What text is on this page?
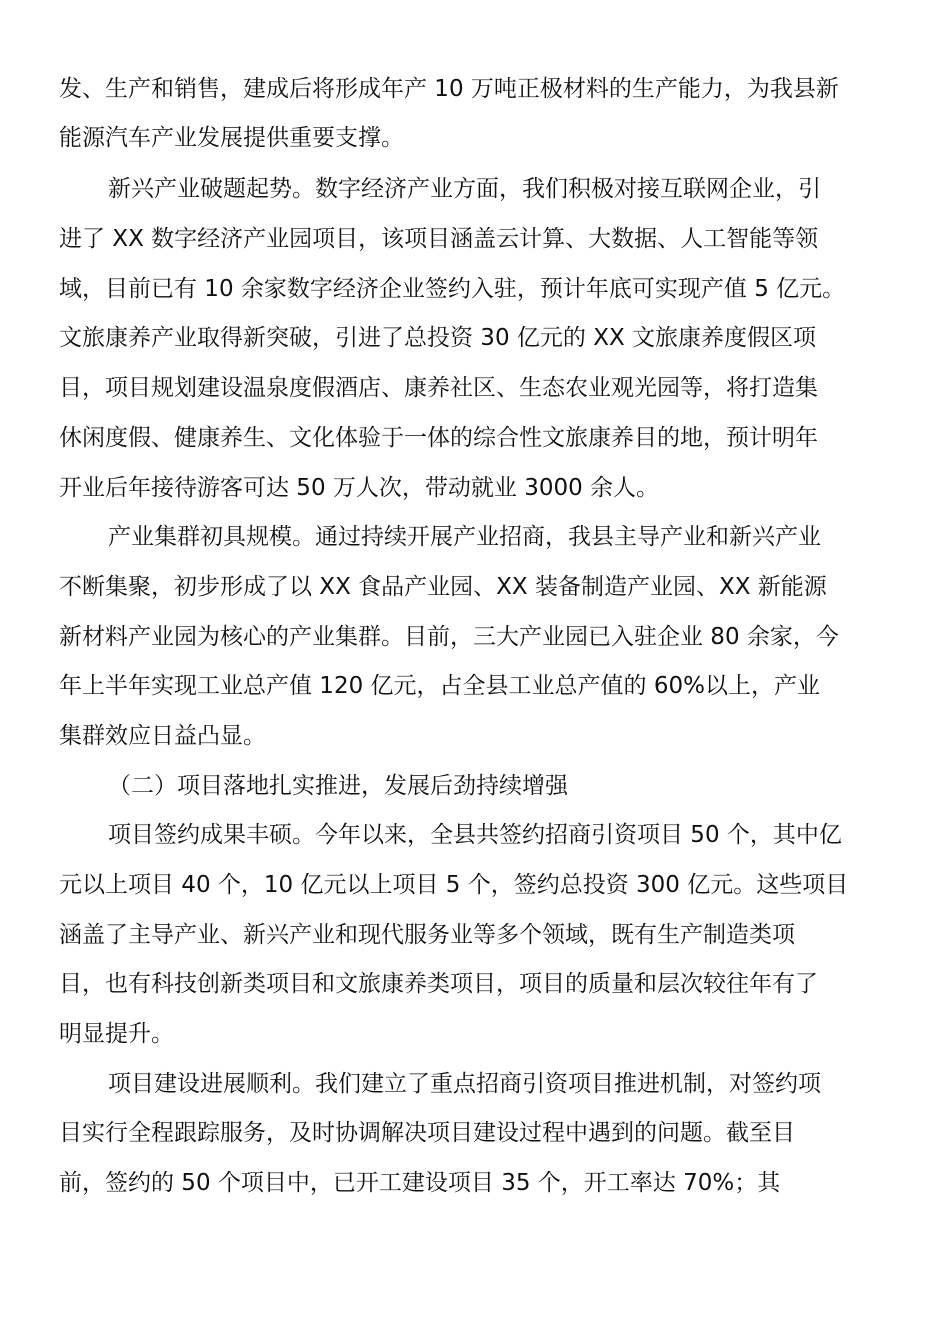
发、生产和销售，建成后将形成年产 10 万吨正极材料的生产能力，为我县新
能源汽车产业发展提供重要支撑。
新兴产业破题起势。数字经济产业方面，我们积极对接互联网企业，引
进了 XX 数字经济产业园项目，该项目涵盖云计算、大数据、人工智能等领
域，目前已有 10 余家数字经济企业签约入驻，预计年底可实现产值 5 亿元。
文旅康养产业取得新突破，引进了总投资 30 亿元的 XX 文旅康养度假区项
目，项目规划建设温泉度假酒店、康养社区、生态农业观光园等，将打造集
休闲度假、健康养生、文化体验于一体的综合性文旅康养目的地，预计明年
开业后年接待游客可达 50 万人次，带动就业 3000 余人。
产业集群初具规模。通过持续开展产业招商，我县主导产业和新兴产业
不断集聚，初步形成了以 XX 食品产业园、XX 装备制造产业园、XX 新能源
新材料产业园为核心的产业集群。目前，三大产业园已入驻企业 80 余家，今
年上半年实现工业总产值 120 亿元，占全县工业总产值的 60%以上，产业
集群效应日益凸显。
（二）项目落地扎实推进，发展后劲持续增强
项目签约成果丰硕。今年以来，全县共签约招商引资项目 50 个，其中亿
元以上项目 40 个，10 亿元以上项目 5 个，签约总投资 300 亿元。这些项目
涵盖了主导产业、新兴产业和现代服务业等多个领域，既有生产制造类项
目，也有科技创新类项目和文旅康养类项目，项目的质量和层次较往年有了
明显提升。
项目建设进展顺利。我们建立了重点招商引资项目推进机制，对签约项
目实行全程跟踪服务，及时协调解决项目建设过程中遇到的问题。截至目
前，签约的 50 个项目中，已开工建设项目 35 个，开工率达 70%；其
